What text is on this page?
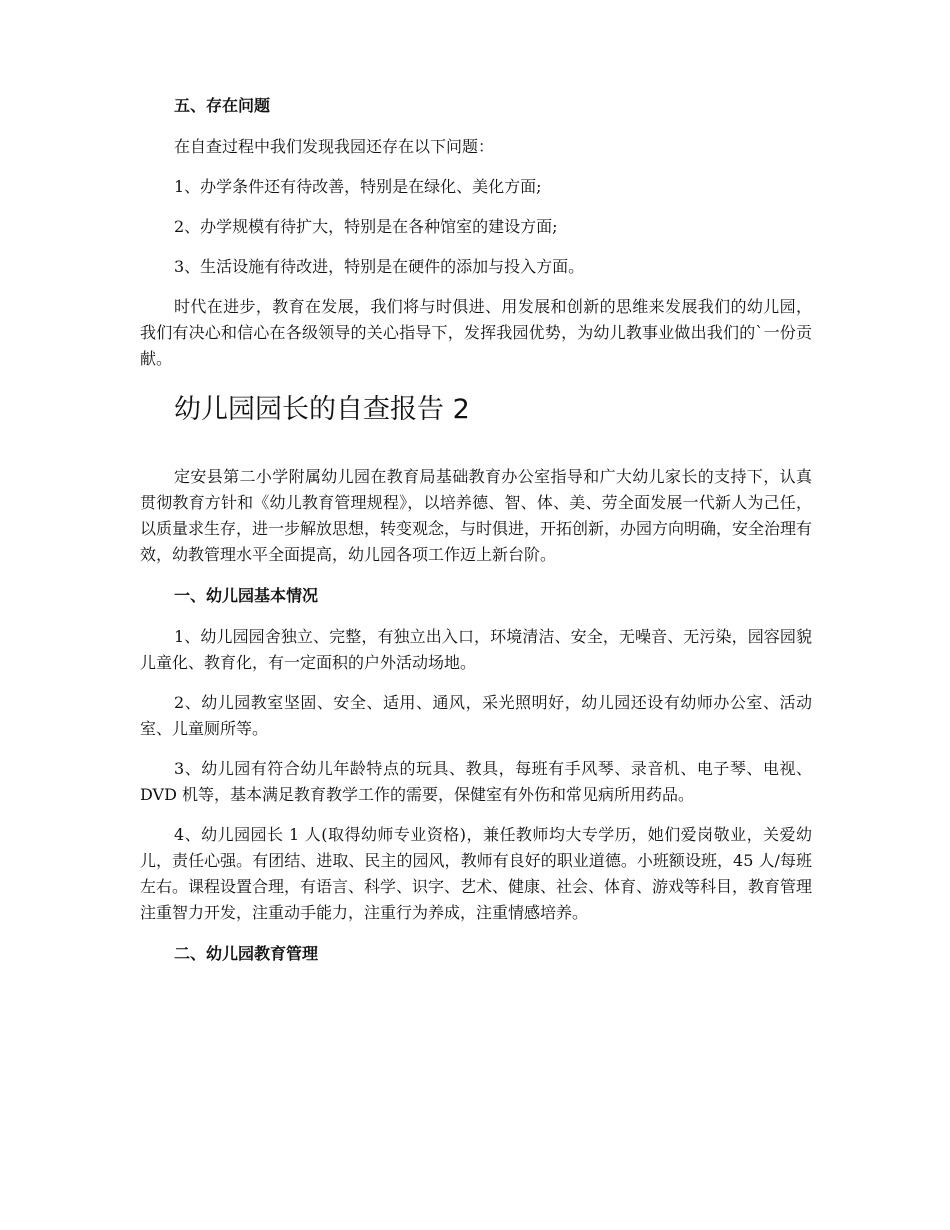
五、存在问题
在自查过程中我们发现我园还存在以下问题：
1、办学条件还有待改善，特别是在绿化、美化方面;
2、办学规模有待扩大，特别是在各种馆室的建设方面;
3、生活设施有待改进，特别是在硬件的添加与投入方面。
时代在进步，教育在发展，我们将与时俱进、用发展和创新的思维来发展我们的幼儿园，我们有决心和信心在各级领导的关心指导下，发挥我园优势，为幼儿教事业做出我们的`一份贡献。
幼儿园园长的自查报告 2
定安县第二小学附属幼儿园在教育局基础教育办公室指导和广大幼儿家长的支持下，认真贯彻教育方针和《幼儿教育管理规程》，以培养德、智、体、美、劳全面发展一代新人为己任，以质量求生存，进一步解放思想，转变观念，与时俱进，开拓创新，办园方向明确，安全治理有效，幼教管理水平全面提高，幼儿园各项工作迈上新台阶。
一、幼儿园基本情况
1、幼儿园园舍独立、完整，有独立出入口，环境清洁、安全，无噪音、无污染，园容园貌儿童化、教育化，有一定面积的户外活动场地。
2、幼儿园教室坚固、安全、适用、通风，采光照明好，幼儿园还设有幼师办公室、活动室、儿童厕所等。
3、幼儿园有符合幼儿年龄特点的玩具、教具，每班有手风琴、录音机、电子琴、电视、DVD 机等，基本满足教育教学工作的需要，保健室有外伤和常见病所用药品。
4、幼儿园园长 1 人(取得幼师专业资格)，兼任教师均大专学历，她们爱岗敬业，关爱幼儿，责任心强。有团结、进取、民主的园风，教师有良好的职业道德。小班额设班，45 人/每班左右。课程设置合理，有语言、科学、识字、艺术、健康、社会、体育、游戏等科目，教育管理注重智力开发，注重动手能力，注重行为养成，注重情感培养。
二、幼儿园教育管理
